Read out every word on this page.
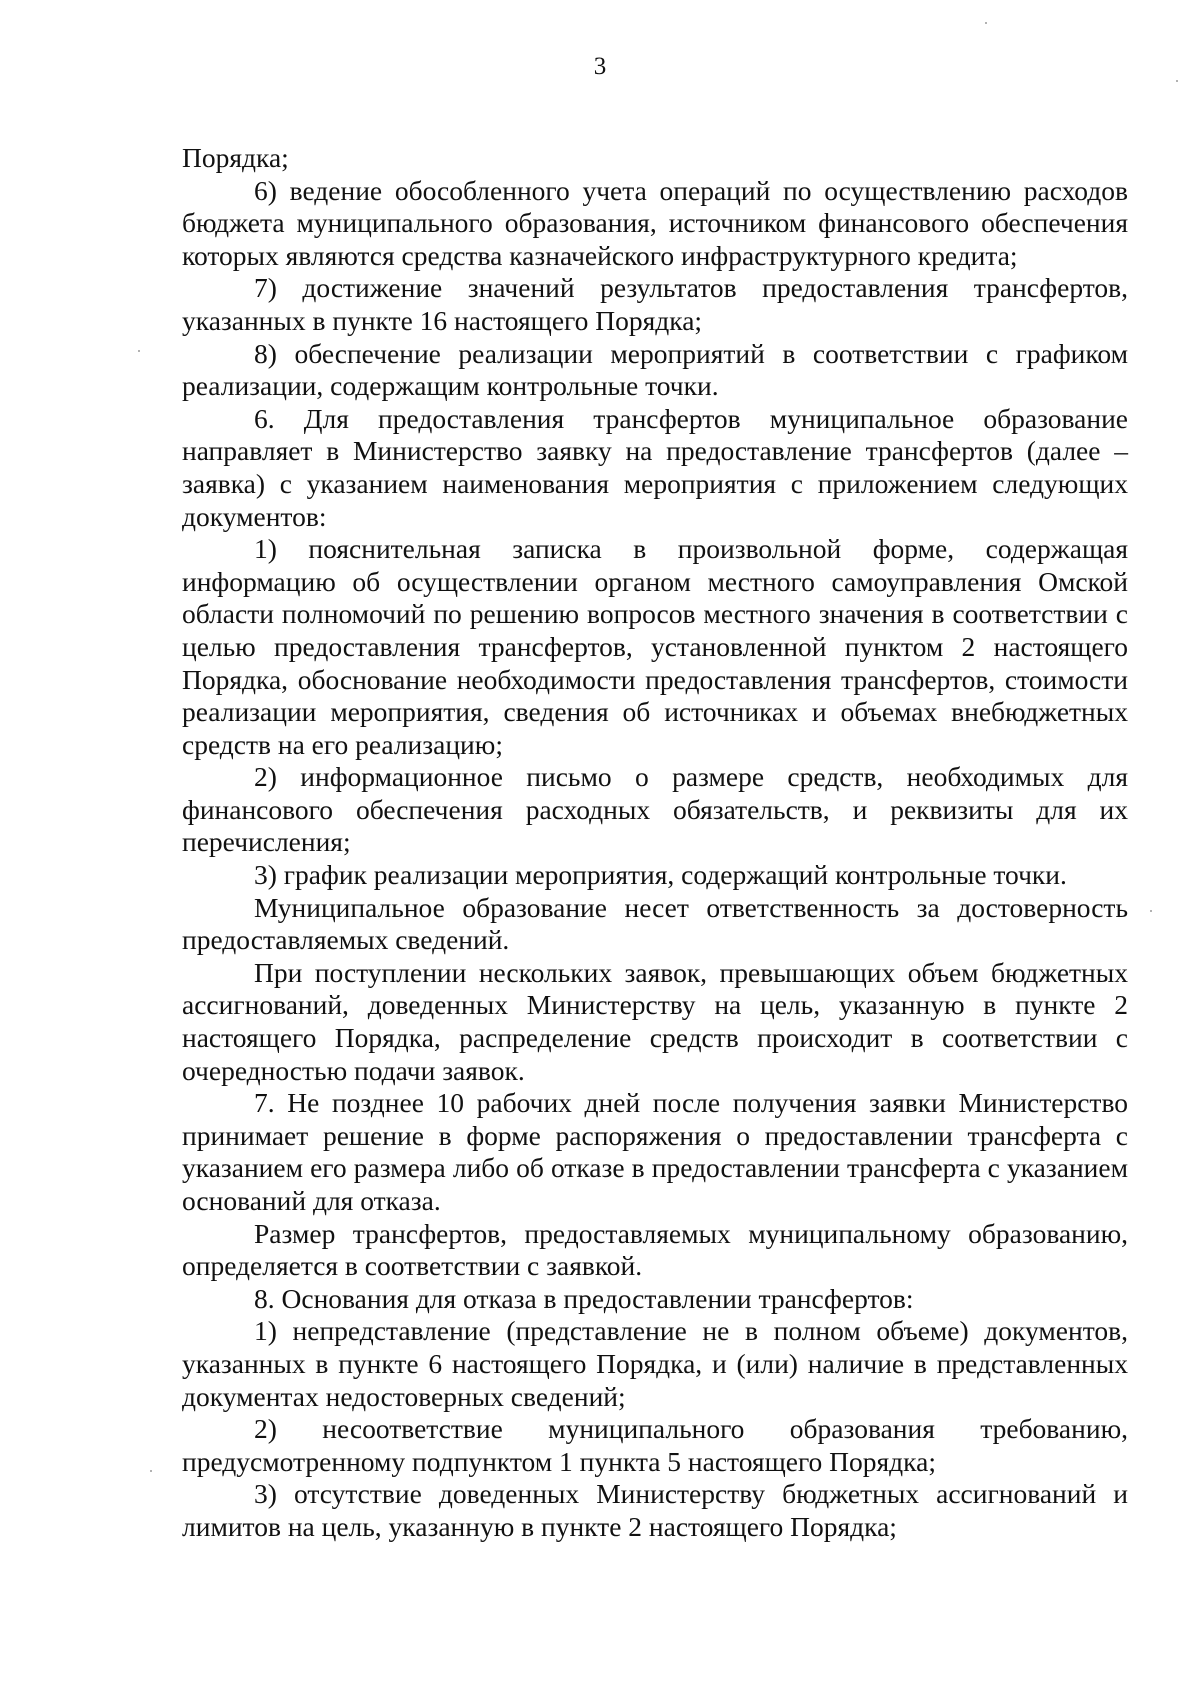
3

Порядка;

6) ведение обособленного учета операций по осуществлению расходов бюджета муниципального образования, источником финансового обеспечения которых являются средства казначейского инфраструктурного кредита;

7) достижение значений результатов предоставления трансфертов, указанных в пункте 16 настоящего Порядка;

8) обеспечение реализации мероприятий в соответствии с графиком реализации, содержащим контрольные точки.

6. Для предоставления трансфертов муниципальное образование направляет в Министерство заявку на предоставление трансфертов (далее – заявка) с указанием наименования мероприятия с приложением следующих документов:

1) пояснительная записка в произвольной форме, содержащая информацию об осуществлении органом местного самоуправления Омской области полномочий по решению вопросов местного значения в соответствии с целью предоставления трансфертов, установленной пунктом 2 настоящего Порядка, обоснование необходимости предоставления трансфертов, стоимости реализации мероприятия, сведения об источниках и объемах внебюджетных средств на его реализацию;

2) информационное письмо о размере средств, необходимых для финансового обеспечения расходных обязательств, и реквизиты для их перечисления;

3) график реализации мероприятия, содержащий контрольные точки.

Муниципальное образование несет ответственность за достоверность предоставляемых сведений.

При поступлении нескольких заявок, превышающих объем бюджетных ассигнований, доведенных Министерству на цель, указанную в пункте 2 настоящего Порядка, распределение средств происходит в соответствии с очередностью подачи заявок.

7. Не позднее 10 рабочих дней после получения заявки Министерство принимает решение в форме распоряжения о предоставлении трансферта с указанием его размера либо об отказе в предоставлении трансферта с указанием оснований для отказа.

Размер трансфертов, предоставляемых муниципальному образованию, определяется в соответствии с заявкой.

8. Основания для отказа в предоставлении трансфертов:

1) непредставление (представление не в полном объеме) документов, указанных в пункте 6 настоящего Порядка, и (или) наличие в представленных документах недостоверных сведений;

2) несоответствие муниципального образования требованию, предусмотренному подпунктом 1 пункта 5 настоящего Порядка;

3) отсутствие доведенных Министерству бюджетных ассигнований и лимитов на цель, указанную в пункте 2 настоящего Порядка;
